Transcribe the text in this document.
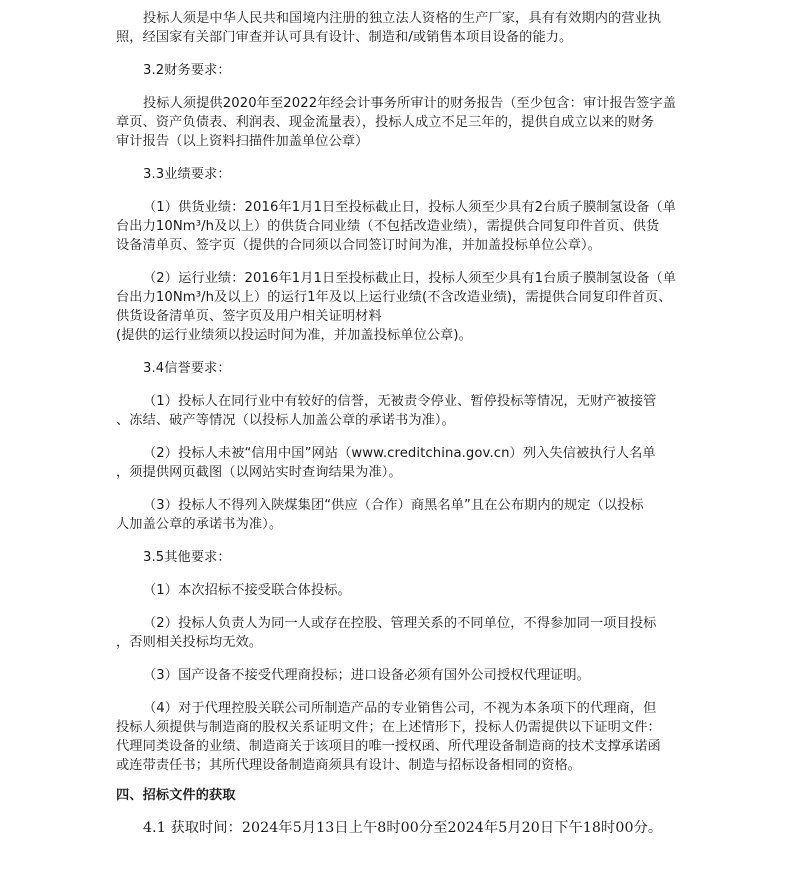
投标人须是中华人民共和国境内注册的独立法人资格的生产厂家，具有有效期内的营业执
照，经国家有关部门审查并认可具有设计、制造和/或销售本项目设备的能力。
3.2财务要求：
投标人须提供2020年至2022年经会计事务所审计的财务报告（至少包含：审计报告签字盖
章页、资产负债表、利润表、现金流量表），投标人成立不足三年的，提供自成立以来的财务
审计报告（以上资料扫描件加盖单位公章）
3.3业绩要求：
（1）供货业绩：2016年1月1日至投标截止日，投标人须至少具有2台质子膜制氢设备（单
台出力10Nm³/h及以上）的供货合同业绩（不包括改造业绩），需提供合同复印件首页、供货
设备清单页、签字页（提供的合同须以合同签订时间为准，并加盖投标单位公章）。
（2）运行业绩：2016年1月1日至投标截止日，投标人须至少具有1台质子膜制氢设备（单
台出力10Nm³/h及以上）的运行1年及以上运行业绩(不含改造业绩)，需提供合同复印件首页、
供货设备清单页、签字页及用户相关证明材料
(提供的运行业绩须以投运时间为准，并加盖投标单位公章)。
3.4信誉要求：
（1）投标人在同行业中有较好的信誉，无被责令停业、暂停投标等情况，无财产被接管
、冻结、破产等情况（以投标人加盖公章的承诺书为准）。
（2）投标人未被“信用中国”网站（www.creditchina.gov.cn）列入失信被执行人名单
，须提供网页截图（以网站实时查询结果为准）。
（3）投标人不得列入陕煤集团“供应（合作）商黑名单”且在公布期内的规定（以投标
人加盖公章的承诺书为准）。
3.5其他要求：
（1）本次招标不接受联合体投标。
（2）投标人负责人为同一人或存在控股、管理关系的不同单位，不得参加同一项目投标
，否则相关投标均无效。
（3）国产设备不接受代理商投标；进口设备必须有国外公司授权代理证明。
（4）对于代理控股关联公司所制造产品的专业销售公司，不视为本条项下的代理商，但
投标人须提供与制造商的股权关系证明文件；在上述情形下，投标人仍需提供以下证明文件：
代理同类设备的业绩、制造商关于该项目的唯一授权函、所代理设备制造商的技术支撑承诺函
或连带责任书；其所代理设备制造商须具有设计、制造与招标设备相同的资格。
四、招标文件的获取
4.1 获取时间：2024年5月13日上午8时00分至2024年5月20日下午18时00分。
